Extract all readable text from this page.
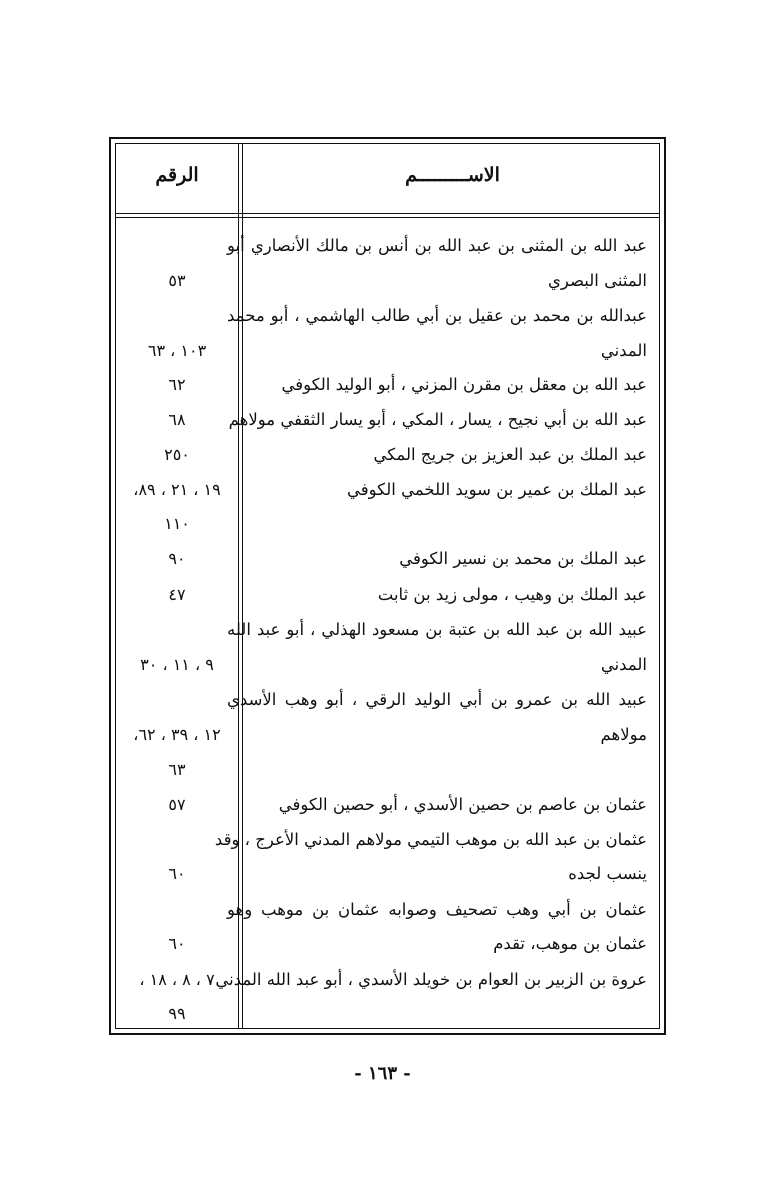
الاســـــــــم
الرقم
عبد الله بن المثنى بن عبد الله بن أنس بن مالك الأنصاري أبو
المثنى البصري
عبدالله بن محمد بن عقيل بن أبي طالب الهاشمي ، أبو محمد
المدني
عبد الله بن معقل بن مقرن المزني ، أبو الوليد الكوفي
عبد الله بن أبي نجيح ، يسار ، المكي ، أبو يسار الثقفي مولاهم
عبد الملك بن عبد العزيز بن جريج المكي
عبد الملك بن عمير بن سويد اللخمي الكوفي
عبد الملك بن محمد بن نسير الكوفي
عبد الملك بن وهيب ، مولى زيد بن ثابت
عبيد الله بن عبد الله بن عتبة بن مسعود الهذلي ، أبو عبد الله
المدني
عبيد الله بن عمرو بن أبي الوليد الرقي ، أبو وهب الأسدي
مولاهم
عثمان بن عاصم بن حصين الأسدي ، أبو حصين الكوفي
عثمان بن عبد الله بن موهب التيمي مولاهم المدني الأعرج ، وقد
ينسب لجده
عثمان بن أبي وهب تصحيف وصوابه عثمان بن موهب وهو
عثمان بن موهب، تقدم
عروة بن الزبير بن العوام بن خويلد الأسدي ، أبو عبد الله المدني
٥٣
١٠٣ ، ٦٣
٦٢
٦٨
٢٥٠
١٩ ، ٢١ ، ٨٩،
١١٠
٩٠
٤٧
٩ ، ١١ ، ٣٠
١٢ ، ٣٩ ، ٦٢،
٦٣
٥٧
٦٠
٦٠
٧ ، ٨ ، ١٨ ،
٩٩
- ١٦٣ -
